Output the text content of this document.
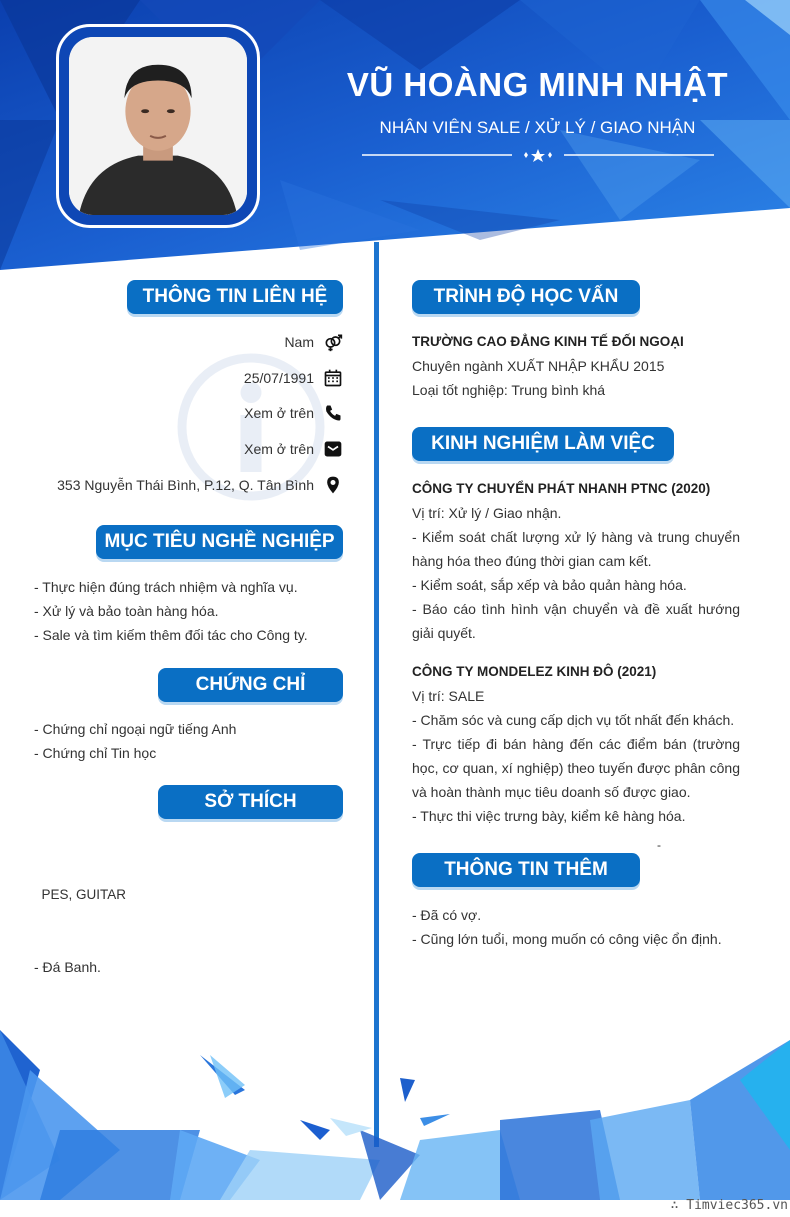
VŨ HOÀNG MINH NHẬT
NHÂN VIÊN SALE / XỬ LÝ / GIAO NHẬN
THÔNG TIN LIÊN HỆ
Nam
25/07/1991
Xem ở trên
Xem ở trên
353 Nguyễn Thái Bình, P.12, Q. Tân Bình
MỤC TIÊU NGHỀ NGHIỆP

- Thực hiện đúng trách nhiệm và nghĩa vụ.

- Xử lý và bảo toàn hàng hóa.

- Sale và tìm kiếm thêm đối tác cho Công ty.

CHỨNG CHỈ

- Chứng chỉ ngoại ngữ tiếng Anh

- Chứng chỉ Tin học

SỞ THÍCH

PES, GUITAR

- Đá Banh.

TRÌNH ĐỘ HỌC VẤN

TRƯỜNG CAO ĐẲNG KINH TẾ ĐỐI NGOẠI

Chuyên ngành XUẤT NHẬP KHẨU 2015

Loại tốt nghiệp: Trung bình khá

KINH NGHIỆM LÀM VIỆC

CÔNG TY CHUYỂN PHÁT NHANH PTNC (2020)

Vị trí: Xử lý / Giao nhận.

- Kiểm soát chất lượng xử lý hàng và trung chuyển hàng hóa theo đúng thời gian cam kết.

- Kiểm soát, sắp xếp và bảo quản hàng hóa.

- Báo cáo tình hình vận chuyển và đề xuất hướng giải quyết.

CÔNG TY MONDELEZ KINH ĐÔ (2021)

Vị trí: SALE

- Chăm sóc và cung cấp dịch vụ tốt nhất đến khách.

- Trực tiếp đi bán hàng đến các điểm bán (trường học, cơ quan, xí nghiệp) theo tuyến được phân công và hoàn thành mục tiêu doanh số được giao.

- Thực thi việc trưng bày, kiểm kê hàng hóa.

-
THÔNG TIN THÊM

- Đã có vợ.

- Cũng lớn tuổi, mong muốn có công việc ổn định.

∴ Timviec365.vn
